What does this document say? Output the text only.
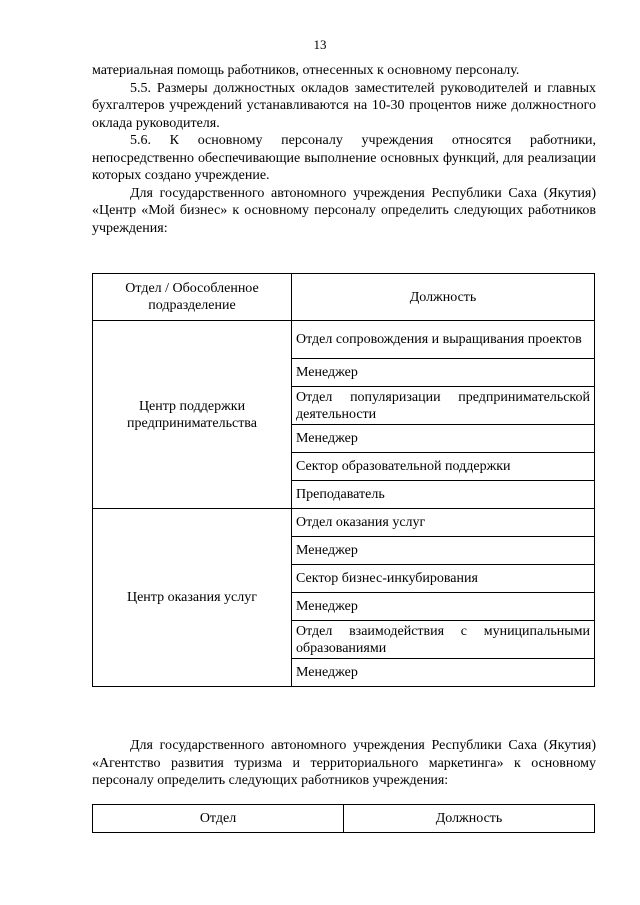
13

материальная помощь работников, отнесенных к основному персоналу.

5.5. Размеры должностных окладов заместителей руководителей и главных бухгалтеров учреждений устанавливаются на 10-30 процентов ниже должностного оклада руководителя.

5.6. К основному персоналу учреждения относятся работники, непосредственно обеспечивающие выполнение основных функций, для реализации которых создано учреждение.

Для государственного автономного учреждения Республики Саха (Якутия) «Центр «Мой бизнес» к основному персоналу определить следующих работников учреждения:

Отдел / Обособленное подразделение	Должность
Центр поддержки предпринимательства	Отдел сопровождения и выращивания проектов
	Менеджер
	Отдел популяризации предпринимательской деятельности
	Менеджер
	Сектор образовательной поддержки
	Преподаватель
Центр оказания услуг	Отдел оказания услуг
	Менеджер
	Сектор бизнес-инкубирования
	Менеджер
	Отдел взаимодействия с муниципальными образованиями
	Менеджер

Для государственного автономного учреждения Республики Саха (Якутия) «Агентство развития туризма и территориального маркетинга» к основному персоналу определить следующих работников учреждения:

Отдел	Должность
